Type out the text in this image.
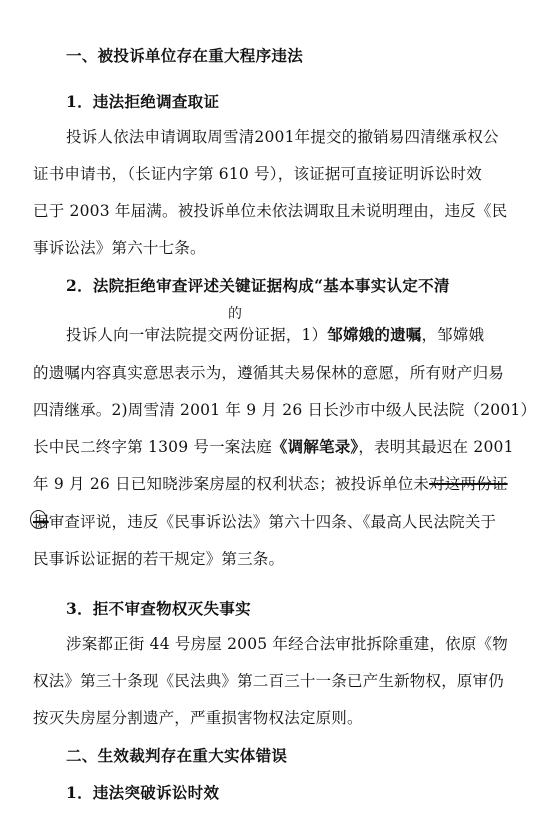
一、被投诉单位存在重大程序违法
1．违法拒绝调查取证
投诉人依法申请调取周雪清2001年提交的撤销易四清继承权公
证书申请书，（长证内字第 610 号），该证据可直接证明诉讼时效
已于 2003 年届满。被投诉单位未依法调取且未说明理由，违反《民
事诉讼法》第六十七条。
2．法院拒绝审查评述关键证据构成“基本事实认定不清
的
投诉人向一审法院提交两份证据，1）邹嫦娥的遗嘱，邹嫦娥
的遗嘱内容真实意思表示为，遵循其夫易保林的意愿，所有财产归易
四清继承。2)周雪清 2001 年 9 月 26 日长沙市中级人民法院（2001）
长中民二终字第 1309 号一案法庭《调解笔录》，表明其最迟在 2001
年 9 月 26 日已知晓涉案房屋的权利状态；被投诉单位未对这两份证
据审查评说，违反《民事诉讼法》第六十四条、《最高人民法院关于
民事诉讼证据的若干规定》第三条。
3．拒不审查物权灭失事实
涉案都正街 44 号房屋 2005 年经合法审批拆除重建，依原《物
权法》第三十条现《民法典》第二百三十一条已产生新物权，原审仍
按灭失房屋分割遗产，严重损害物权法定原则。
二、生效裁判存在重大实体错误
1．违法突破诉讼时效
